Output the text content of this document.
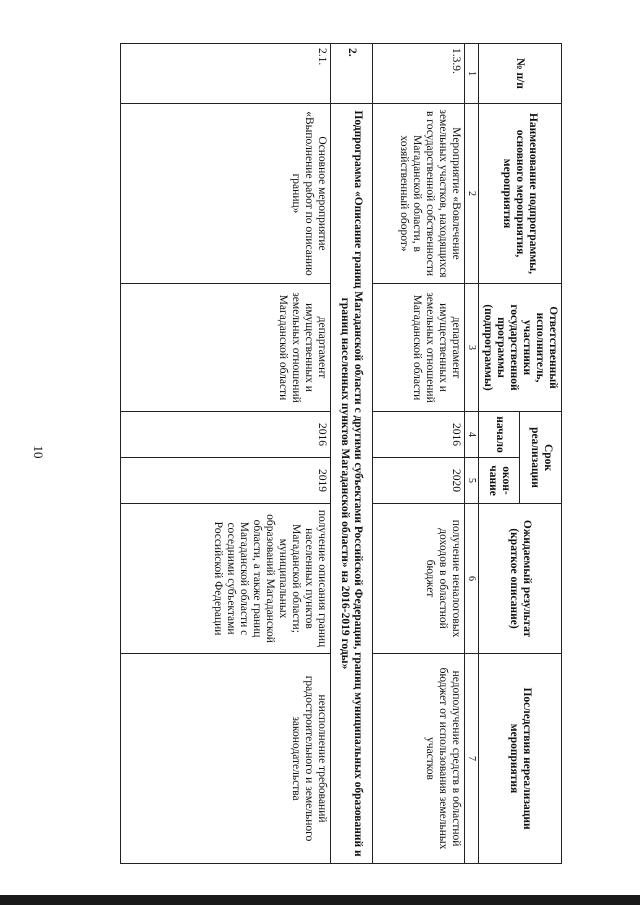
10
№ п/п	Наименование подпрограммы, основного мероприятия, мероприятия	Ответственный исполнитель, участники государственной программы (подпрограммы)	Срок реализации		Ожидаемый результат (краткое описание)	Последствия нереализации мероприятия
			начало	окон-чание		
1	2	3	4	5	6	7
1.3.9.	Мероприятие «Вовлечение земельных участков, находящихся в государственной собственности Магаданской области, в хозяйственный оборот»	департамент имущественных и земельных отношений Магаданской области	2016	2020	получение неналоговых доходов в областной бюджет	недополучение средств в областной бюджет от использования земельных участков
2.	Подпрограмма «Описание границ Магаданской области с другими субъектами Российской Федерации, границ муниципальных образований и границ населенных пунктов Магаданской области» на 2016-2019 годы»					
2.1.	Основное мероприятие «Выполнение работ по описанию границ»	департамент имущественных и земельных отношений Магаданской области	2016	2019	получение описания границ населенных пунктов Магаданской области; муниципальных образований Магаданской области, а также границ Магаданской области с соседними субъектами Российской Федерации	неисполнение требований градостроительного и земельного законодательства
